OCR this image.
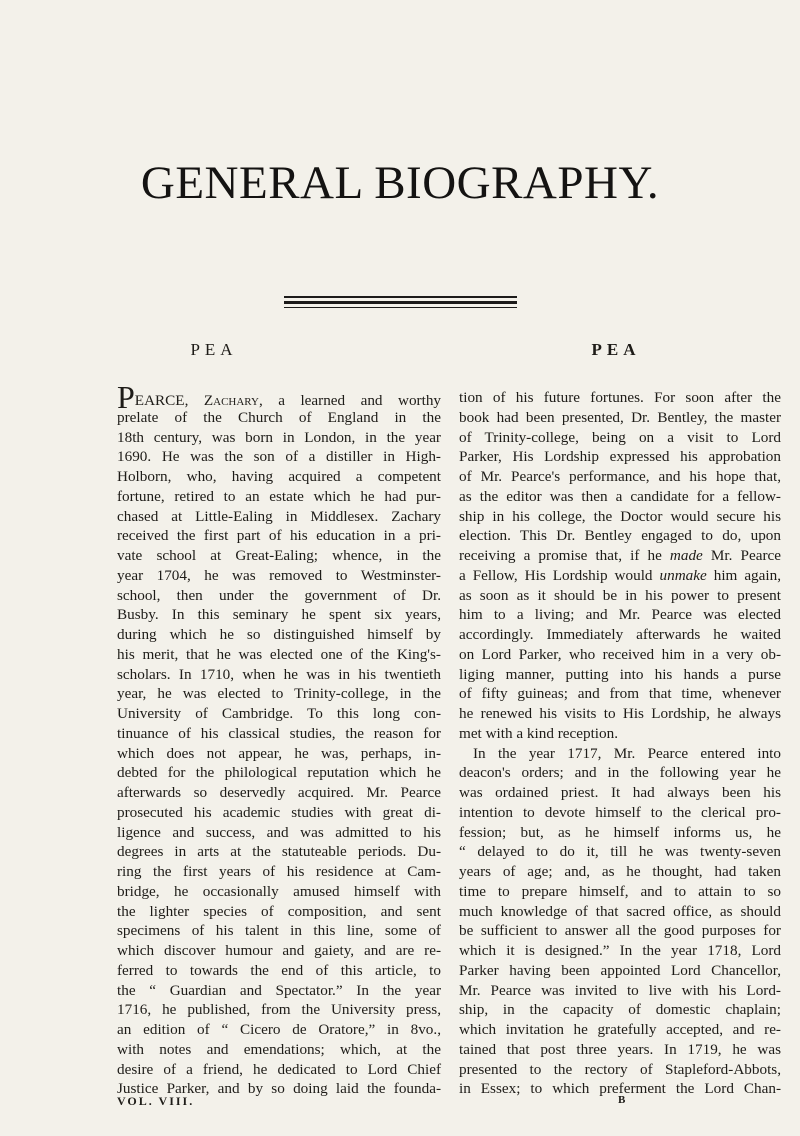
GENERAL BIOGRAPHY.
PEA	PEA
PEARCE, Zachary, a learned and worthy
prelate of the Church of England in the
18th century, was born in London, in the year
1690. He was the son of a distiller in High-
Holborn, who, having acquired a competent
fortune, retired to an estate which he had pur-
chased at Little-Ealing in Middlesex. Zachary
received the first part of his education in a pri-
vate school at Great-Ealing; whence, in the
year 1704, he was removed to Westminster-
school, then under the government of Dr.
Busby. In this seminary he spent six years,
during which he so distinguished himself by
his merit, that he was elected one of the King's-
scholars. In 1710, when he was in his twentieth
year, he was elected to Trinity-college, in the
University of Cambridge. To this long con-
tinuance of his classical studies, the reason for
which does not appear, he was, perhaps, in-
debted for the philological reputation which he
afterwards so deservedly acquired. Mr. Pearce
prosecuted his academic studies with great di-
ligence and success, and was admitted to his
degrees in arts at the statuteable periods. Du-
ring the first years of his residence at Cam-
bridge, he occasionally amused himself with
the lighter species of composition, and sent
specimens of his talent in this line, some of
which discover humour and gaiety, and are re-
ferred to towards the end of this article, to
the “ Guardian and Spectator.” In the year
1716, he published, from the University press,
an edition of “ Cicero de Oratore,” in 8vo.,
with notes and emendations; which, at the
desire of a friend, he dedicated to Lord Chief
Justice Parker, and by so doing laid the founda-
tion of his future fortunes. For soon after the
book had been presented, Dr. Bentley, the master
of Trinity-college, being on a visit to Lord
Parker, His Lordship expressed his approbation
of Mr. Pearce's performance, and his hope that,
as the editor was then a candidate for a fellow-
ship in his college, the Doctor would secure his
election. This Dr. Bentley engaged to do, upon
receiving a promise that, if he made Mr. Pearce
a Fellow, His Lordship would unmake him again,
as soon as it should be in his power to present
him to a living; and Mr. Pearce was elected
accordingly. Immediately afterwards he waited
on Lord Parker, who received him in a very ob-
liging manner, putting into his hands a purse
of fifty guineas; and from that time, whenever
he renewed his visits to His Lordship, he always
met with a kind reception.
In the year 1717, Mr. Pearce entered into
deacon's orders; and in the following year he
was ordained priest. It had always been his
intention to devote himself to the clerical pro-
fession; but, as he himself informs us, he
“ delayed to do it, till he was twenty-seven
years of age; and, as he thought, had taken
time to prepare himself, and to attain to so
much knowledge of that sacred office, as should
be sufficient to answer all the good purposes for
which it is designed.” In the year 1718, Lord
Parker having been appointed Lord Chancellor,
Mr. Pearce was invited to live with his Lord-
ship, in the capacity of domestic chaplain;
which invitation he gratefully accepted, and re-
tained that post three years. In 1719, he was
presented to the rectory of Stapleford-Abbots,
in Essex; to which preferment the Lord Chan-
VOL. VIII.	B
